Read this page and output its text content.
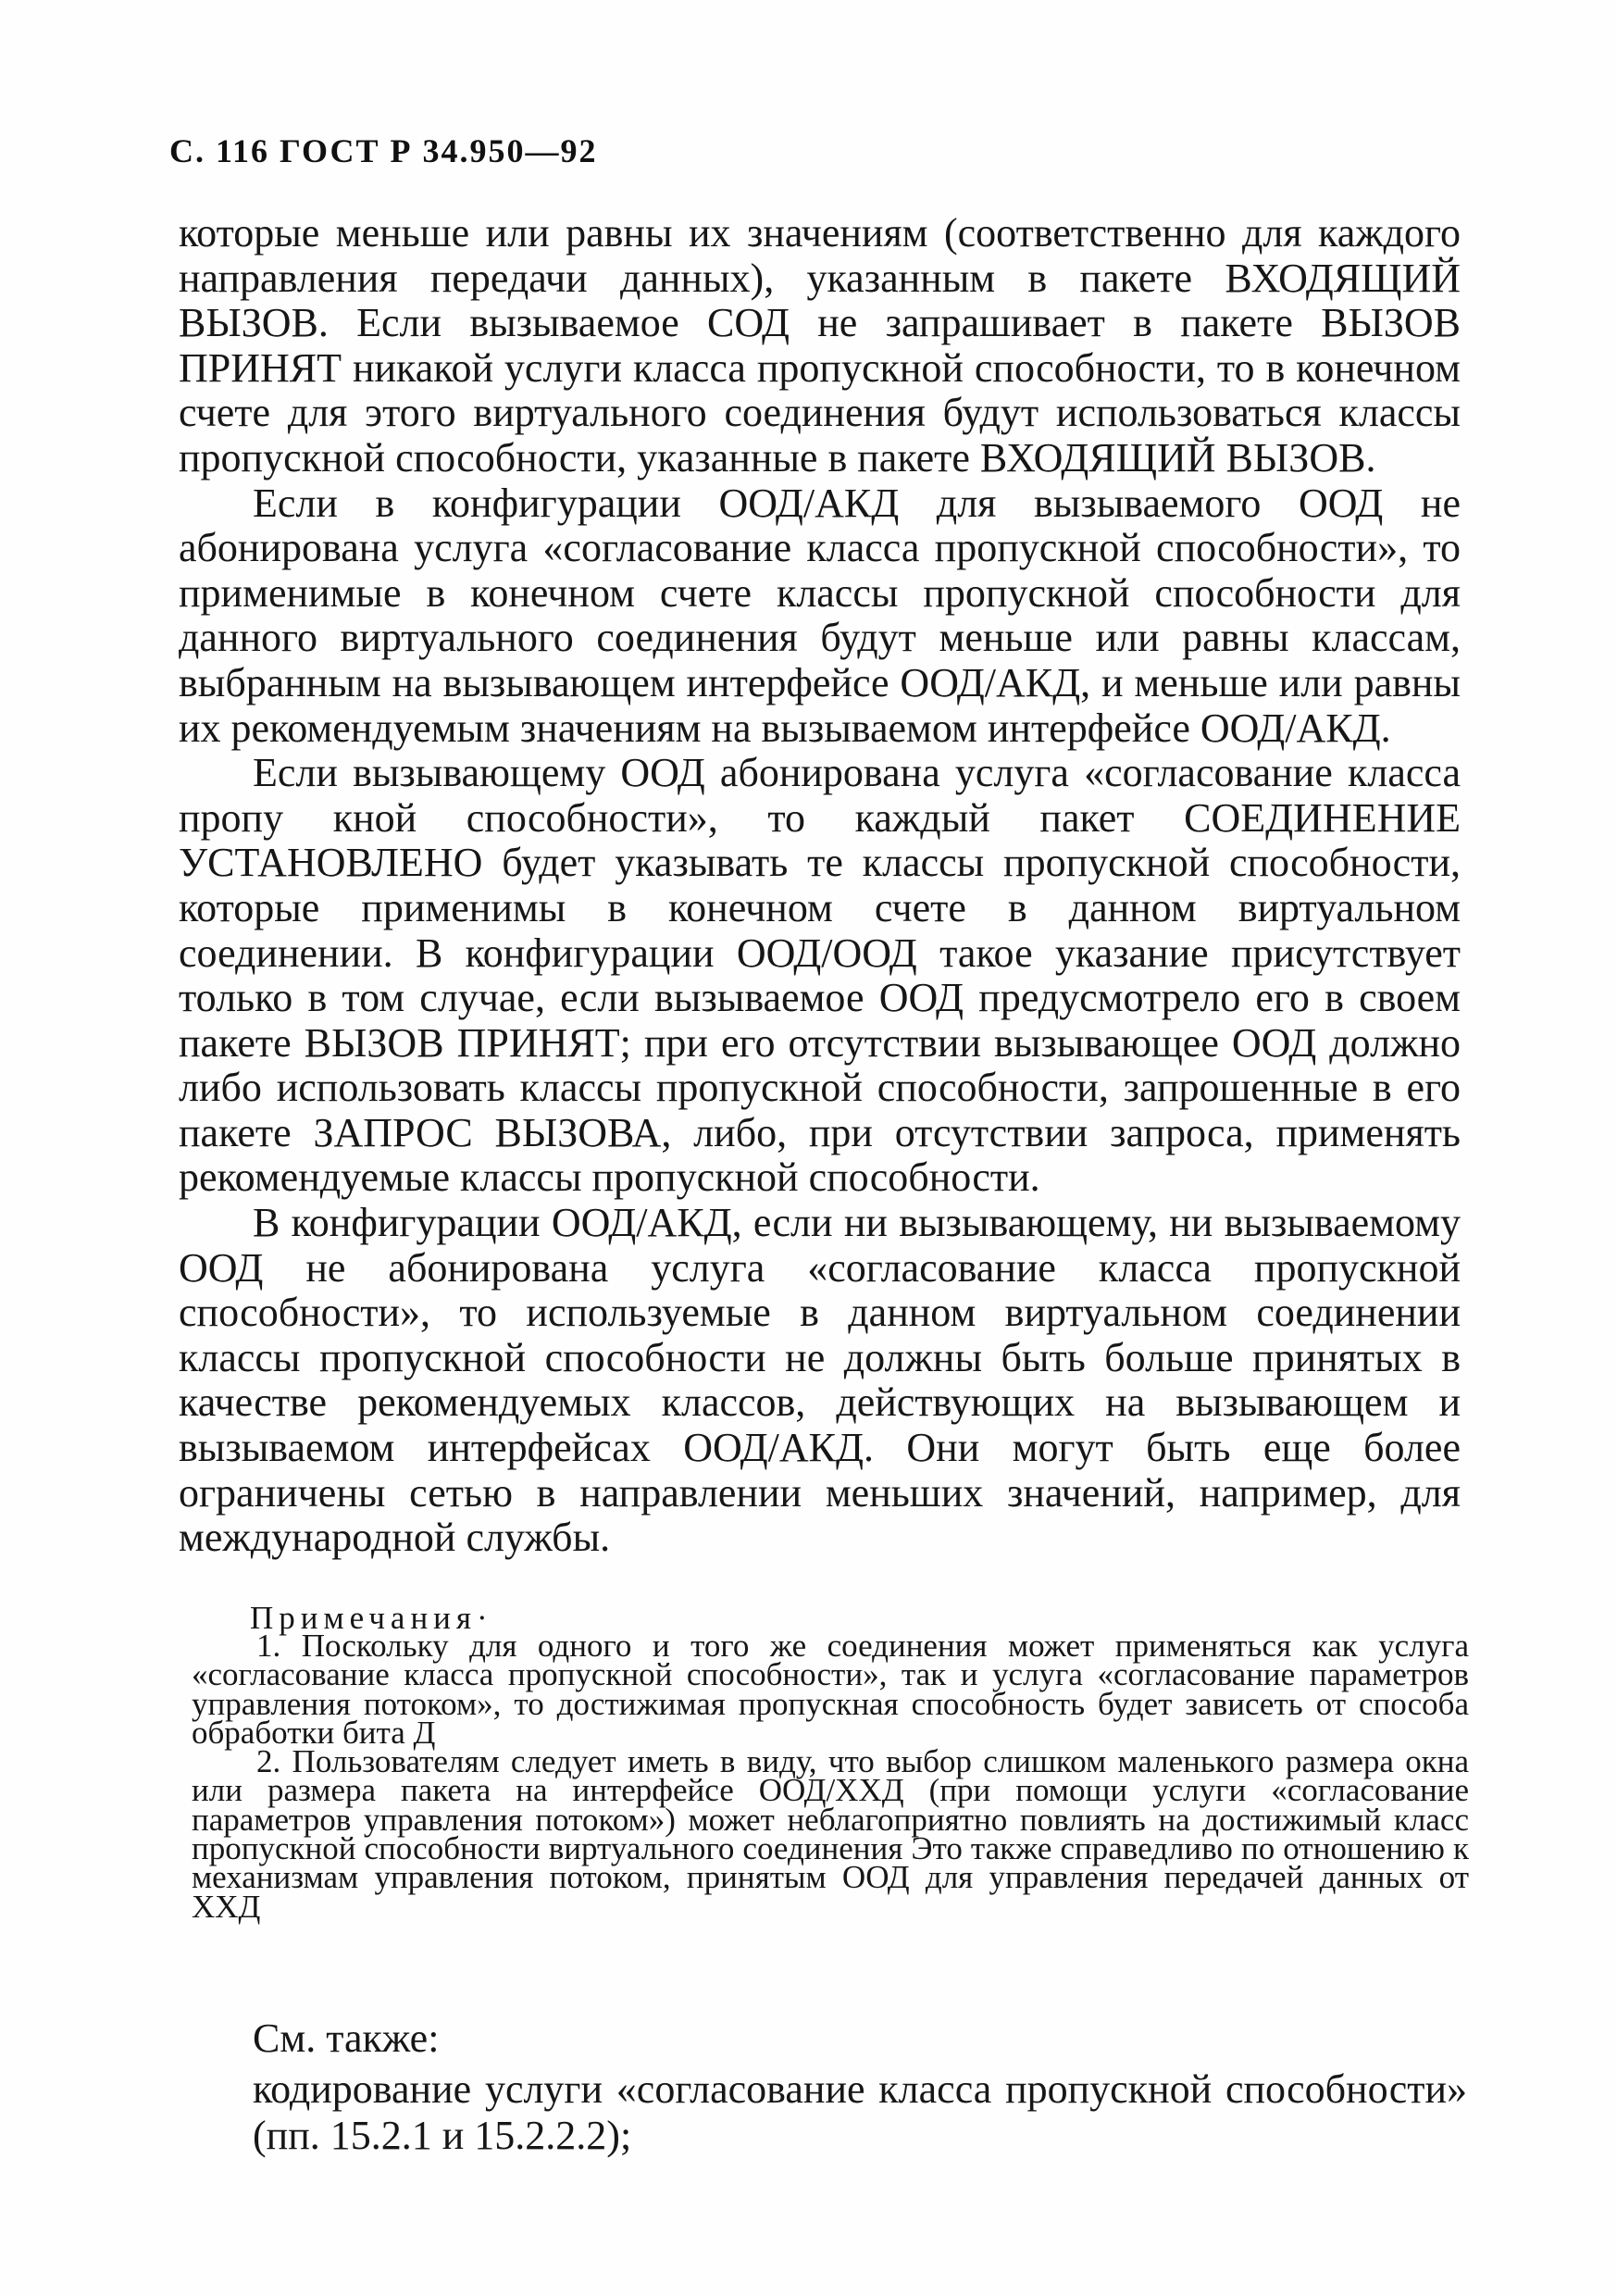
С. 116 ГОСТ Р 34.950—92

которые меньше или равны их значениям (соответственно для каждого направления передачи данных), указанным в пакете ВХОДЯЩИЙ ВЫЗОВ. Если вызываемое СОД не запрашивает в пакете ВЫЗОВ ПРИНЯТ никакой услуги класса пропускной способности, то в конечном счете для этого виртуального соединения будут использоваться классы пропускной способности, указанные в пакете ВХОДЯЩИЙ ВЫЗОВ.

Если в конфигурации ООД/АКД для вызываемого ООД не абонирована услуга «согласование класса пропускной способности», то применимые в конечном счете классы пропускной способности для данного виртуального соединения будут меньше или равны классам, выбранным на вызывающем интерфейсе ООД/АКД, и меньше или равны их рекомендуемым значениям на вызываемом интерфейсе ООД/АКД.

Если вызывающему ООД абонирована услуга «согласование класса пропу кной способности», то каждый пакет СОЕДИНЕНИЕ УСТАНОВЛЕНО будет указывать те классы пропускной способности, которые применимы в конечном счете в данном виртуальном соединении. В конфигурации ООД/ООД такое указание присутствует только в том случае, если вызываемое ООД предусмотрело его в своем пакете ВЫЗОВ ПРИНЯТ; при его отсутствии вызывающее ООД должно либо использовать классы пропускной способности, запрошенные в его пакете ЗАПРОС ВЫЗОВА, либо, при отсутствии запроса, применять рекомендуемые классы пропускной способности.

В конфигурации ООД/АКД, если ни вызывающему, ни вызываемому ООД не абонирована услуга «согласование класса пропускной способности», то используемые в данном виртуальном соединении классы пропускной способности не должны быть больше принятых в качестве рекомендуемых классов, действующих на вызывающем и вызываемом интерфейсах ООД/АКД. Они могут быть еще более ограничены сетью в направлении меньших значений, например, для международной службы.

Примечания·

1. Поскольку для одного и того же соединения может применяться как услуга «согласование класса пропускной способности», так и услуга «согласование параметров управления потоком», то достижимая пропускная способность будет зависеть от способа обработки бита Д

2. Пользователям следует иметь в виду, что выбор слишком маленького размера окна или размера пакета на интерфейсе ООД/ХХД (при помощи услуги «согласование параметров управления потоком») может неблагоприятно повлиять на достижимый класс пропускной способности виртуального соединения Это также справедливо по отношению к механизмам управления потоком, принятым ООД для управления передачей данных от ХХД

См. также:

кодирование услуги «согласование класса пропускной способности» (пп. 15.2.1 и 15.2.2.2);
